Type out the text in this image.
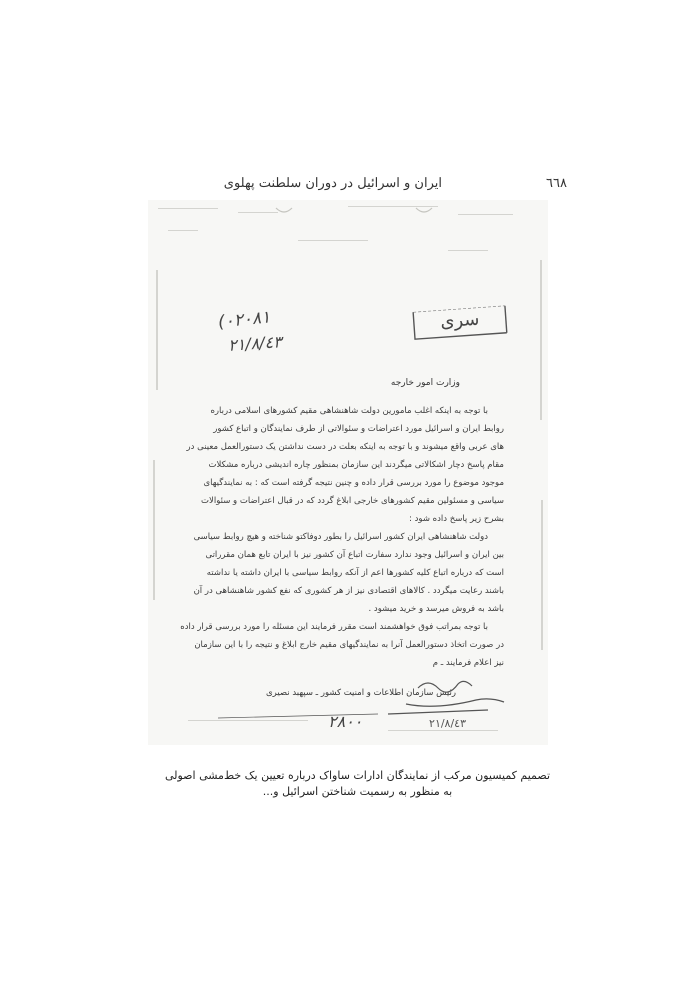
ایران و اسرائیل در دوران سلطنت پهلوی	٦٦٨
(۰۲۰۸۱
۲۱/۸/٤٣
سری
وزارت امور خارجه
با توجه به اینکه اغلب مامورین دولت شاهنشاهی مقیم کشورهای اسلامی درباره
روابط ایران و اسرائیل مورد اعتراضات و سئوالاتی از طرف نمایندگان و اتباع کشور
های عربی واقع میشوند و با توجه به اینکه بعلت در دست نداشتن یک دستورالعمل معینی در
مقام پاسخ دچار اشکالاتی میگردند این سازمان بمنظور چاره اندیشی درباره مشکلات
موجود موضوع را مورد بررسی قرار داده و چنین نتیجه گرفته است که : به نمایندگیهای
سیاسی و مسئولین مقیم کشورهای خارجی ابلاغ گردد که در قبال اعتراضات و سئوالات
بشرح زیر پاسخ داده شود :
دولت شاهنشاهی ایران کشور اسرائیل را بطور دوفاکتو شناخته و هیچ روابط سیاسی
بین ایران و اسرائیل وجود ندارد سفارت اتباع آن کشور نیز با ایران تابع همان مقرراتی
است که درباره اتباع کلیه کشورها اعم از آنکه روابط سیاسی با ایران داشته یا نداشته
باشند رعایت میگردد . کالاهای اقتصادی نیز از هر کشوری که نفع کشور شاهنشاهی در آن
باشد به فروش میرسد و خرید میشود .
با توجه بمراتب فوق خواهشمند است مقرر فرمایند این مسئله را مورد بررسی قرار داده
در صورت اتخاذ دستورالعمل آنرا به نمایندگیهای مقیم خارج ابلاغ و نتیجه را با این سازمان
نیز اعلام فرمایند ـ م
رئیس سازمان اطلاعات و امنیت کشور ـ سپهبد نصیری
۲۱/۸/٤٣
۲۸۰۰
تصمیم کمیسیون مرکب از نمایندگان ادارات ساواک درباره تعیین یک خط‌مشی اصولی
به منظور به رسمیت شناختن اسرائیل و...
